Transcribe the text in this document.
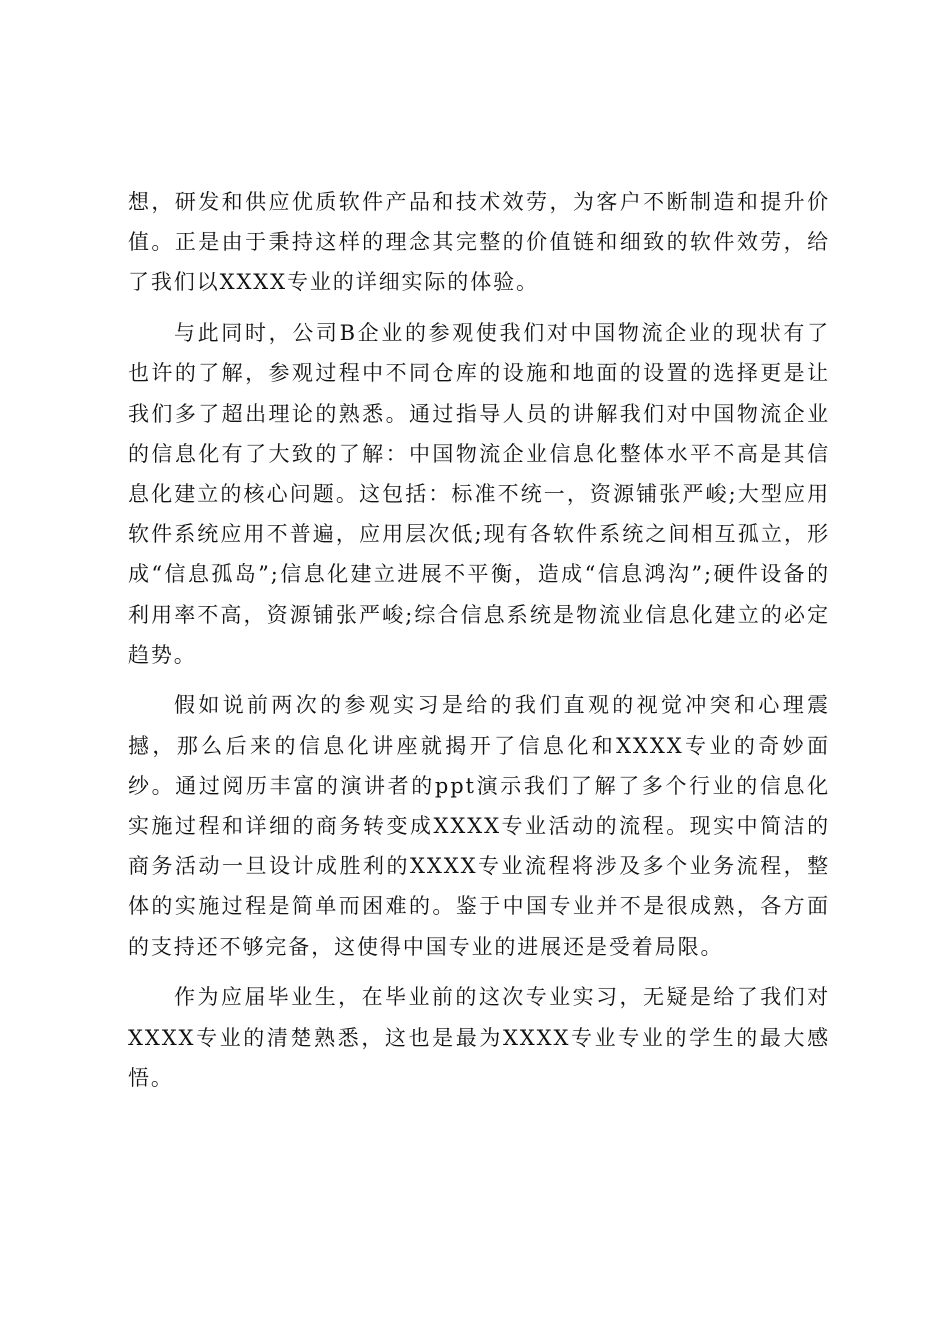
想，研发和供应优质软件产品和技术效劳，为客户不断制造和提升价值。正是由于秉持这样的理念其完整的价值链和细致的软件效劳，给了我们以XXXX专业的详细实际的体验。

与此同时，公司B企业的参观使我们对中国物流企业的现状有了也许的了解，参观过程中不同仓库的设施和地面的设置的选择更是让我们多了超出理论的熟悉。通过指导人员的讲解我们对中国物流企业的信息化有了大致的了解：中国物流企业信息化整体水平不高是其信息化建立的核心问题。这包括：标准不统一，资源铺张严峻;大型应用软件系统应用不普遍，应用层次低;现有各软件系统之间相互孤立，形成“信息孤岛”;信息化建立进展不平衡，造成“信息鸿沟”;硬件设备的利用率不高，资源铺张严峻;综合信息系统是物流业信息化建立的必定趋势。

假如说前两次的参观实习是给的我们直观的视觉冲突和心理震撼，那么后来的信息化讲座就揭开了信息化和XXXX专业的奇妙面纱。通过阅历丰富的演讲者的ppt演示我们了解了多个行业的信息化实施过程和详细的商务转变成XXXX专业活动的流程。现实中简洁的商务活动一旦设计成胜利的XXXX专业流程将涉及多个业务流程，整体的实施过程是简单而困难的。鉴于中国专业并不是很成熟，各方面的支持还不够完备，这使得中国专业的进展还是受着局限。

作为应届毕业生，在毕业前的这次专业实习，无疑是给了我们对XXXX专业的清楚熟悉，这也是最为XXXX专业专业的学生的最大感悟。
